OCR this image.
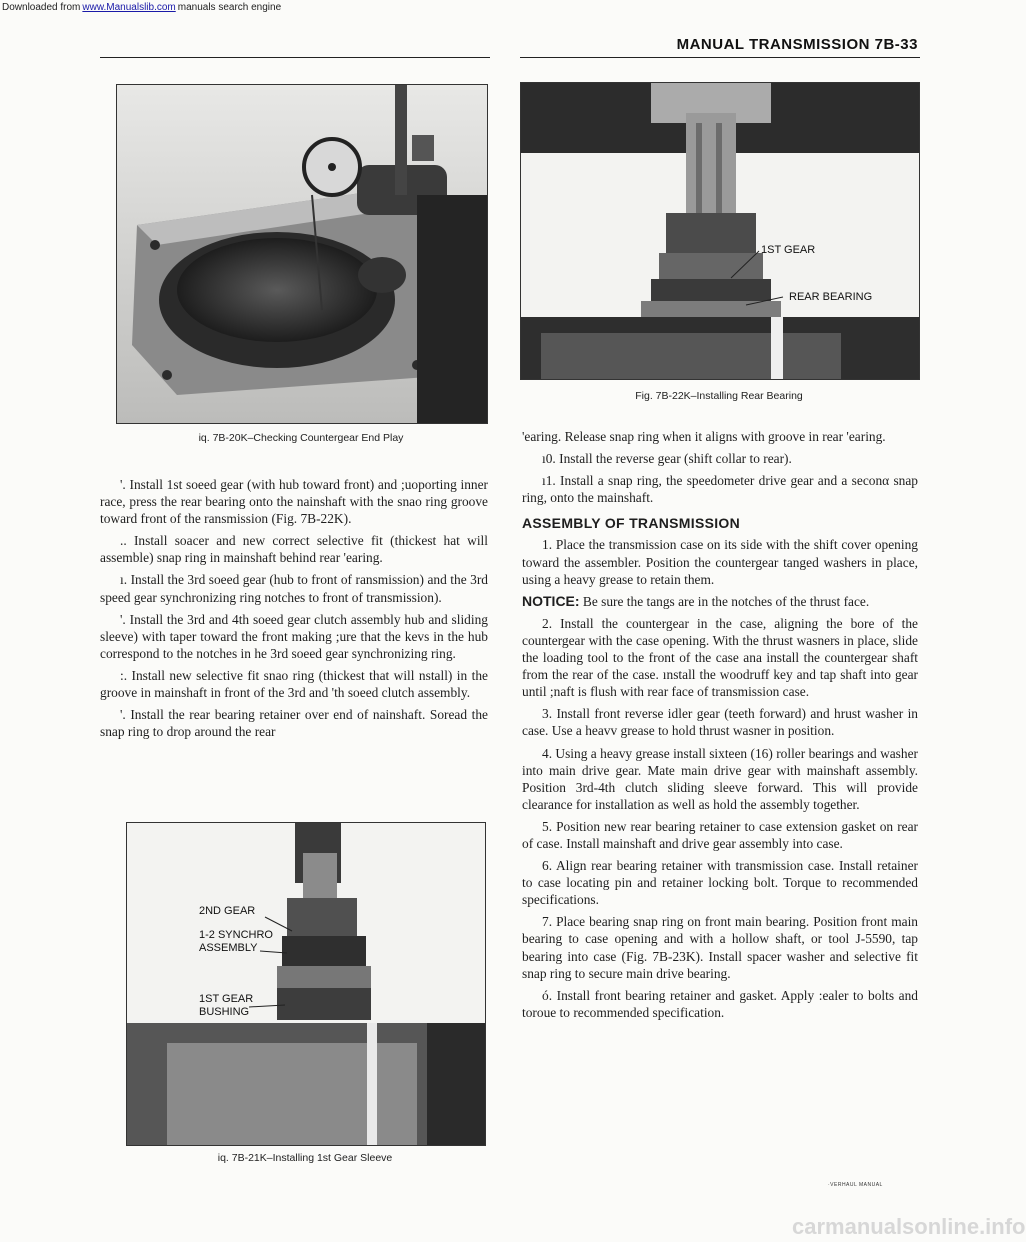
Downloaded from www.Manualslib.com manuals search engine
ΜANUAL TRANSMISSION 7B-33
iq. 7B-20K–Checking Countergear End Play
1ST GEAR
REAR BEARING
Fig. 7B-22K–Installing Rear Bearing
2ND GEAR
1-2 SYNCHRO
ASSEMBLY
1ST GEAR
BUSHING
iq. 7B-21K–Installing 1st Gear Sleeve

'. Install 1st soeed gear (with hub toward front) and ;uoporting inner race, press the rear bearing onto the nainshaft with the snao ring groove toward front of the ransmission (Fig. 7B-22K).

.. Install soacer and new correct selective fit (thickest hat will assemble) snap ring in mainshaft behind rear 'earing.

ı. Install the 3rd soeed gear (hub to front of ransmission) and the 3rd speed gear synchronizing ring notches to front of transmission).

'. Install the 3rd and 4th soeed gear clutch assembly hub and sliding sleeve) with taper toward the front making ;ure that the kevs in the hub correspond to the notches in he 3rd soeed gear synchronizing ring.

:. Install new selective fit snao ring (thickest that will nstall) in the groove in mainshaft in front of the 3rd and 'th soeed clutch assembly.

'. Install the rear bearing retainer over end of nainshaft. Soread the snap ring to drop around the rear

'earing. Release snap ring when it aligns with groove in rear 'earing.

ı0. Install the reverse gear (shift collar to rear).

ı1. Install a snap ring, the speedometer drive gear and a seconα snap ring, onto the mainshaft.

ASSEMBLY OF TRANSMISSION

1. Place the transmission case on its side with the shift cover opening toward the assembler. Position the countergear tanged washers in place, using a heavy grease to retain them.

NOTICE: Be sure the tangs are in the notches of the thrust face.

2. Install the countergear in the case, aligning the bore of the countergear with the case opening. With the thrust wasners in place, slide the loading tool to the front of the case ana install the countergear shaft from the rear of the case. ınstall the woodruff key and tap shaft into gear until ;naft is flush with rear face of transmission case.

3. Install front reverse idler gear (teeth forward) and hrust washer in case. Use a heavv grease to hold thrust wasner in position.

4. Using a heavy grease install sixteen (16) roller bearings and washer into main drive gear. Mate main drive gear with mainshaft assembly. Position 3rd-4th clutch sliding sleeve forward. This will provide clearance for installation as well as hold the assembly together.

5. Position new rear bearing retainer to case extension gasket on rear of case. Install mainshaft and drive gear assembly into case.

6. Align rear bearing retainer with transmission case. Install retainer to case locating pin and retainer locking bolt. Torque to recommended specifications.

7. Place bearing snap ring on front main bearing. Position front main bearing to case opening and with a hollow shaft, or tool J-5590, tap bearing into case (Fig. 7B-23K). Install spacer washer and selective fit snap ring to secure main drive bearing.

ó. Install front bearing retainer and gasket. Apply :ealer to bolts and toroue to recommended specification.

·VERHAUL MANUAL
carmanualsonline.info
